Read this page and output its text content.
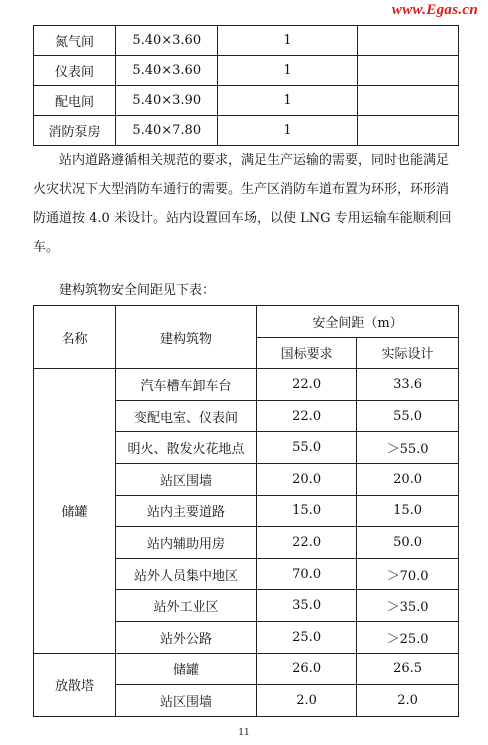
www.Egas.cn
氮气间	5.40×3.60	1	
仪表间	5.40×3.60	1	
配电间	5.40×3.90	1	
消防泵房	5.40×7.80	1	

站内道路遵循相关规范的要求，满足生产运输的需要，同时也能满足火灾状况下大型消防车通行的需要。生产区消防车道布置为环形，环形消防通道按 4.0 米设计。站内设置回车场，以使 LNG 专用运输车能顺利回车。

建构筑物安全间距见下表：

名称	建构筑物	安全间距（m）	
		国标要求	实际设计
储罐	汽车槽车卸车台	22.0	33.6
	变配电室、仪表间	22.0	55.0
	明火、散发火花地点	55.0	＞55.0
	站区围墙	20.0	20.0
	站内主要道路	15.0	15.0
	站内辅助用房	22.0	50.0
	站外人员集中地区	70.0	＞70.0
	站外工业区	35.0	＞35.0
	站外公路	25.0	＞25.0
放散塔	储罐	26.0	26.5
	站区围墙	2.0	2.0
11
